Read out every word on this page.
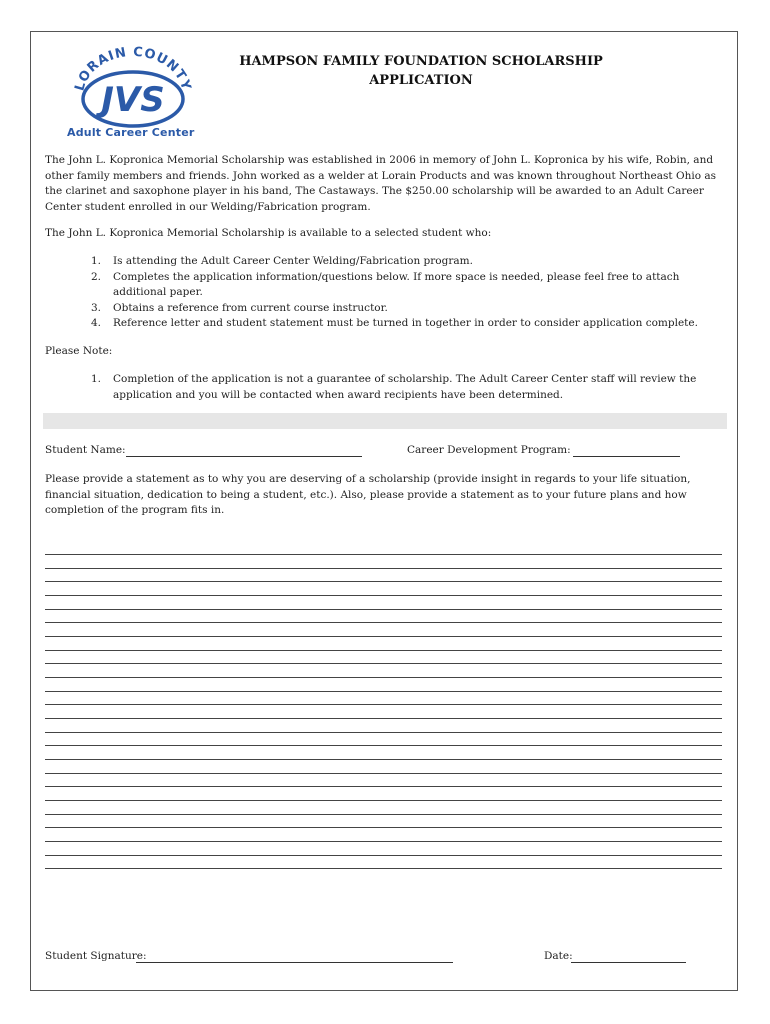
LORAIN COUNTY
JVS
Adult Career Center
HAMPSON FAMILY FOUNDATION SCHOLARSHIP
APPLICATION
The John L. Kopronica Memorial Scholarship was established in 2006 in memory of John L. Kopronica by his wife, Robin, and other family members and friends. John worked as a welder at Lorain Products and was known throughout Northeast Ohio as the clarinet and saxophone player in his band, The Castaways. The $250.00 scholarship will be awarded to an Adult Career Center student enrolled in our Welding/Fabrication program.
The John L. Kopronica Memorial Scholarship is available to a selected student who:
1. Is attending the Adult Career Center Welding/Fabrication program.
2. Completes the application information/questions below. If more space is needed, please feel free to attach additional paper.
3. Obtains a reference from current course instructor.
4. Reference letter and student statement must be turned in together in order to consider application complete.
Please Note:
1. Completion of the application is not a guarantee of scholarship. The Adult Career Center staff will review the application and you will be contacted when award recipients have been determined.
Student Name:	Career Development Program:
Please provide a statement as to why you are deserving of a scholarship (provide insight in regards to your life situation, financial situation, dedication to being a student, etc.). Also, please provide a statement as to your future plans and how completion of the program fits in.
Student Signature:	Date:
